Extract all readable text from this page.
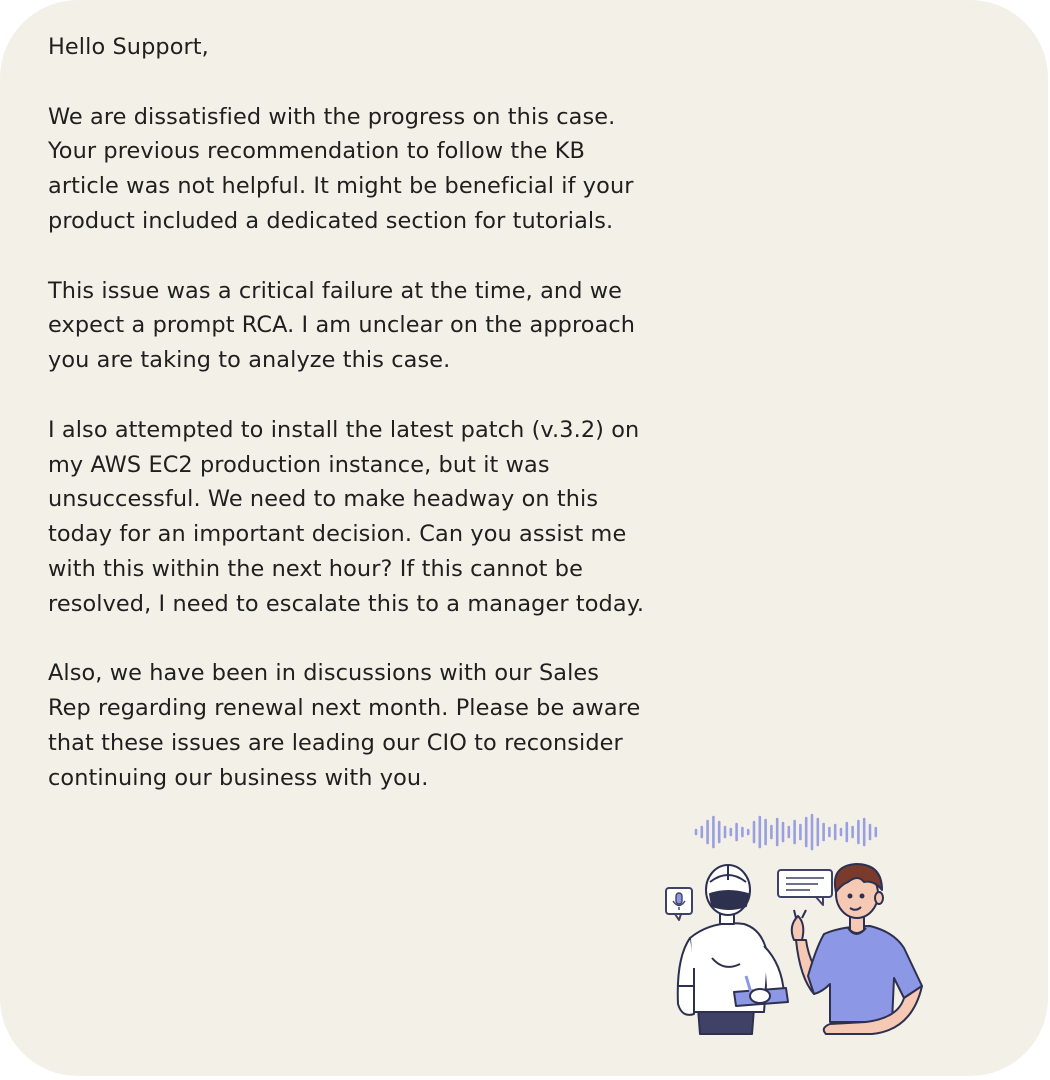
Hello Support,

We are dissatisfied with the progress on this case.
Your previous recommendation to follow the KB
article was not helpful. It might be beneficial if your
product included a dedicated section for tutorials.

This issue was a critical failure at the time, and we
expect a prompt RCA. I am unclear on the approach
you are taking to analyze this case.

I also attempted to install the latest patch (v.3.2) on
my AWS EC2 production instance, but it was
unsuccessful. We need to make headway on this
today for an important decision. Can you assist me
with this within the next hour? If this cannot be
resolved, I need to escalate this to a manager today.

Also, we have been in discussions with our Sales
Rep regarding renewal next month. Please be aware
that these issues are leading our CIO to reconsider
continuing our business with you.
